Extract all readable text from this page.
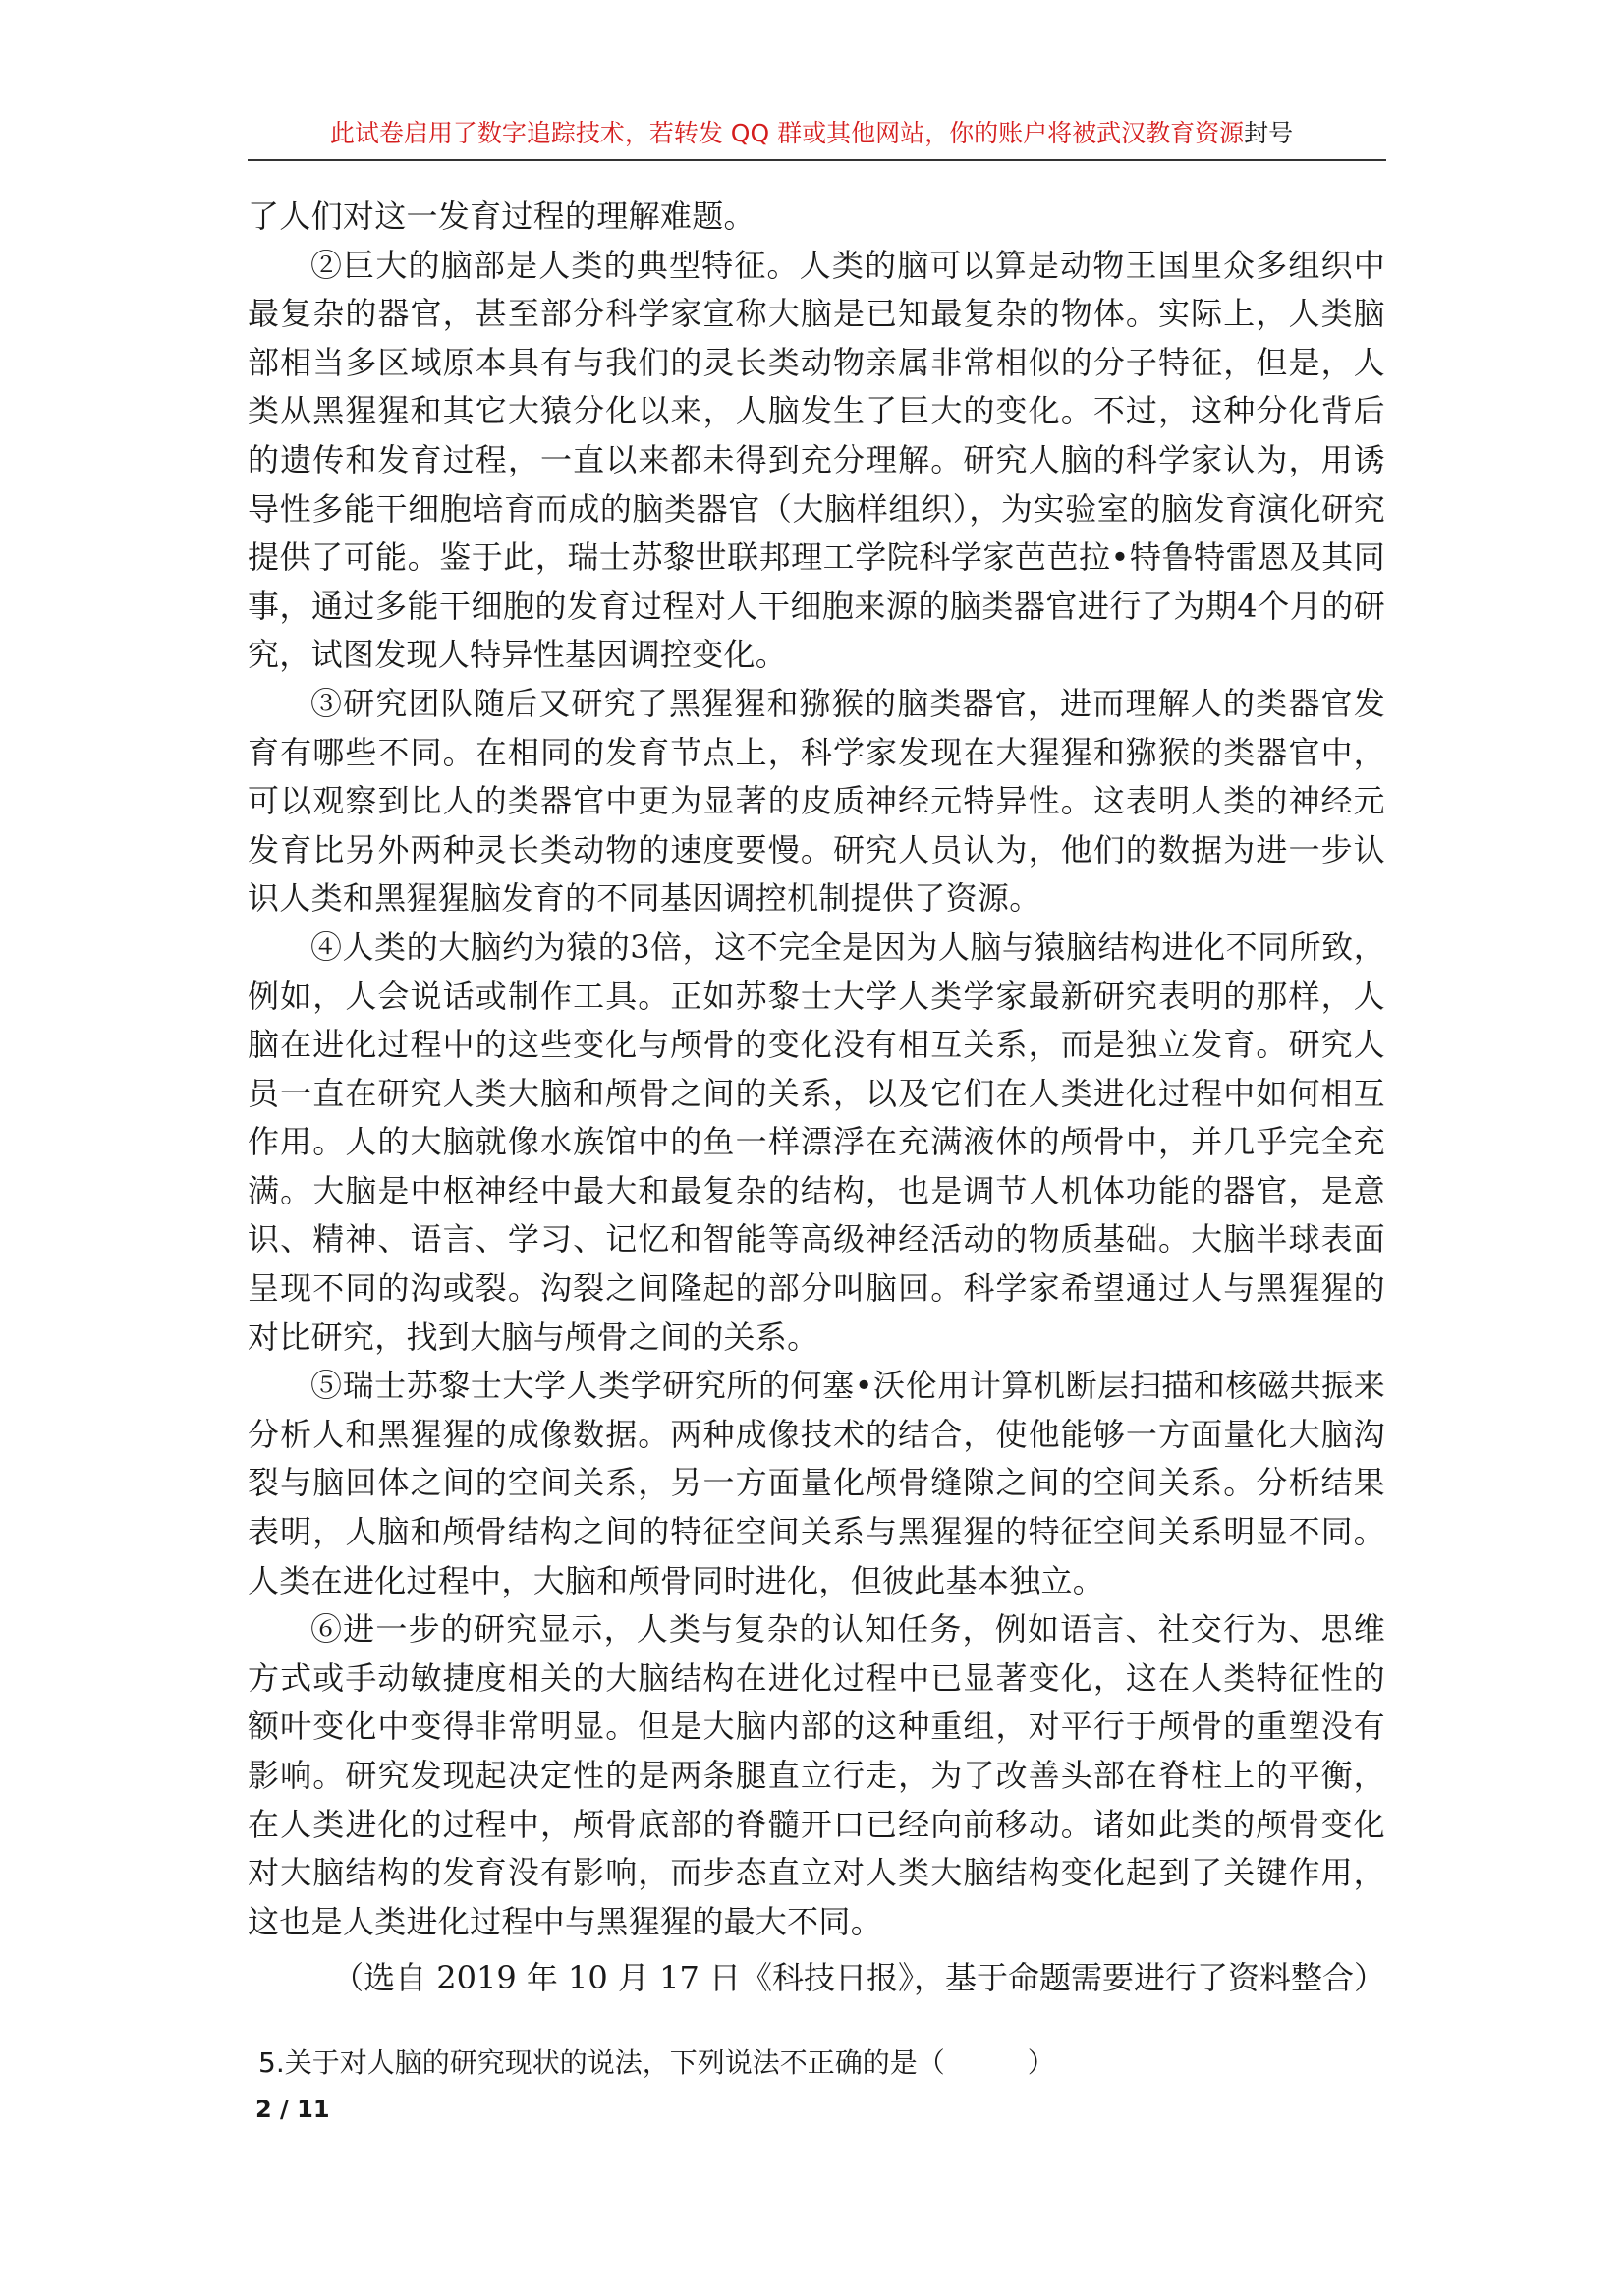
此试卷启用了数字追踪技术，若转发 QQ 群或其他网站，你的账户将被武汉教育资源封号

了人们对这一发育过程的理解难题。

②巨大的脑部是人类的典型特征。人类的脑可以算是动物王国里众多组织中最复杂的器官，甚至部分科学家宣称大脑是已知最复杂的物体。实际上，人类脑部相当多区域原本具有与我们的灵长类动物亲属非常相似的分子特征，但是，人类从黑猩猩和其它大猿分化以来，人脑发生了巨大的变化。不过，这种分化背后的遗传和发育过程，一直以来都未得到充分理解。研究人脑的科学家认为，用诱导性多能干细胞培育而成的脑类器官（大脑样组织），为实验室的脑发育演化研究提供了可能。鉴于此，瑞士苏黎世联邦理工学院科学家芭芭拉•特鲁特雷恩及其同事，通过多能干细胞的发育过程对人干细胞来源的脑类器官进行了为期4个月的研究，试图发现人特异性基因调控变化。

③研究团队随后又研究了黑猩猩和猕猴的脑类器官，进而理解人的类器官发育有哪些不同。在相同的发育节点上，科学家发现在大猩猩和猕猴的类器官中，可以观察到比人的类器官中更为显著的皮质神经元特异性。这表明人类的神经元发育比另外两种灵长类动物的速度要慢。研究人员认为，他们的数据为进一步认识人类和黑猩猩脑发育的不同基因调控机制提供了资源。

④人类的大脑约为猿的3倍，这不完全是因为人脑与猿脑结构进化不同所致，例如，人会说话或制作工具。正如苏黎士大学人类学家最新研究表明的那样，人脑在进化过程中的这些变化与颅骨的变化没有相互关系，而是独立发育。研究人员一直在研究人类大脑和颅骨之间的关系，以及它们在人类进化过程中如何相互作用。人的大脑就像水族馆中的鱼一样漂浮在充满液体的颅骨中，并几乎完全充满。大脑是中枢神经中最大和最复杂的结构，也是调节人机体功能的器官，是意识、精神、语言、学习、记忆和智能等高级神经活动的物质基础。大脑半球表面呈现不同的沟或裂。沟裂之间隆起的部分叫脑回。科学家希望通过人与黑猩猩的对比研究，找到大脑与颅骨之间的关系。

⑤瑞士苏黎士大学人类学研究所的何塞•沃伦用计算机断层扫描和核磁共振来分析人和黑猩猩的成像数据。两种成像技术的结合，使他能够一方面量化大脑沟裂与脑回体之间的空间关系，另一方面量化颅骨缝隙之间的空间关系。分析结果表明，人脑和颅骨结构之间的特征空间关系与黑猩猩的特征空间关系明显不同。人类在进化过程中，大脑和颅骨同时进化，但彼此基本独立。

⑥进一步的研究显示，人类与复杂的认知任务，例如语言、社交行为、思维方式或手动敏捷度相关的大脑结构在进化过程中已显著变化，这在人类特征性的额叶变化中变得非常明显。但是大脑内部的这种重组，对平行于颅骨的重塑没有影响。研究发现起决定性的是两条腿直立行走，为了改善头部在脊柱上的平衡，在人类进化的过程中，颅骨底部的脊髓开口已经向前移动。诸如此类的颅骨变化对大脑结构的发育没有影响，而步态直立对人类大脑结构变化起到了关键作用，这也是人类进化过程中与黑猩猩的最大不同。

（选自 2019 年 10 月 17 日《科技日报》，基于命题需要进行了资料整合）
5.关于对人脑的研究现状的说法，下列说法不正确的是（　　　）
2 / 11
